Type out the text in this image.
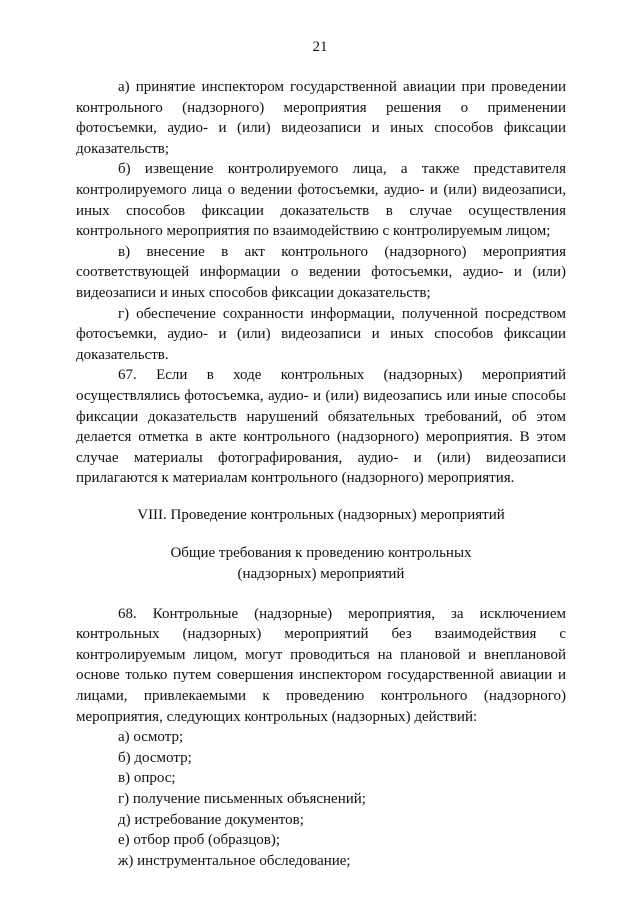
21

а) принятие инспектором государственной авиации при проведении контрольного (надзорного) мероприятия решения о применении фотосъемки, аудио- и (или) видеозаписи и иных способов фиксации доказательств;

б) извещение контролируемого лица, а также представителя контролируемого лица о ведении фотосъемки, аудио- и (или) видеозаписи, иных способов фиксации доказательств в случае осуществления контрольного мероприятия по взаимодействию с контролируемым лицом;

в) внесение в акт контрольного (надзорного) мероприятия соответствующей информации о ведении фотосъемки, аудио- и (или) видеозаписи и иных способов фиксации доказательств;

г) обеспечение сохранности информации, полученной посредством фотосъемки, аудио- и (или) видеозаписи и иных способов фиксации доказательств.

67. Если в ходе контрольных (надзорных) мероприятий осуществлялись фотосъемка, аудио- и (или) видеозапись или иные способы фиксации доказательств нарушений обязательных требований, об этом делается отметка в акте контрольного (надзорного) мероприятия. В этом случае материалы фотографирования, аудио- и (или) видеозаписи прилагаются к материалам контрольного (надзорного) мероприятия.

VIII. Проведение контрольных (надзорных) мероприятий

Общие требования к проведению контрольных
(надзорных) мероприятий

68. Контрольные (надзорные) мероприятия, за исключением контрольных (надзорных) мероприятий без взаимодействия с контролируемым лицом, могут проводиться на плановой и внеплановой основе только путем совершения инспектором государственной авиации и лицами, привлекаемыми к проведению контрольного (надзорного) мероприятия, следующих контрольных (надзорных) действий:

а) осмотр;

б) досмотр;

в) опрос;

г) получение письменных объяснений;

д) истребование документов;

е) отбор проб (образцов);

ж) инструментальное обследование;
